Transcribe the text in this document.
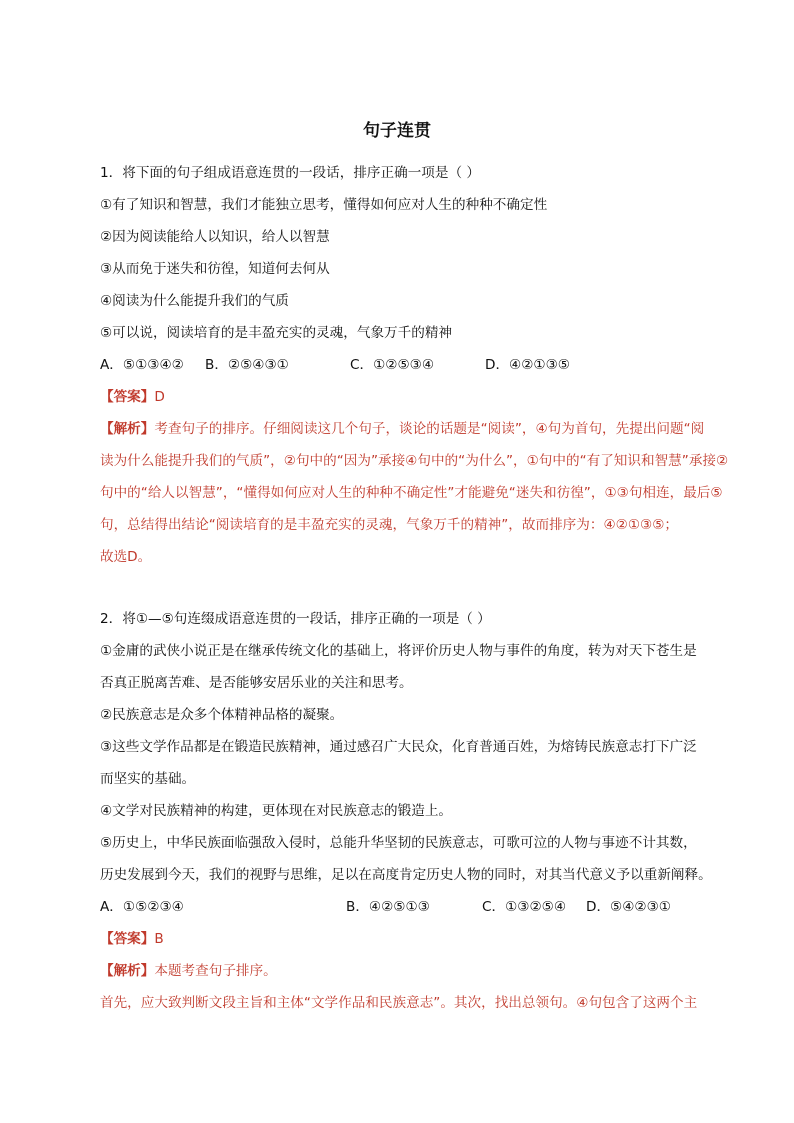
句子连贯
1．将下面的句子组成语意连贯的一段话，排序正确一项是（ ）
①有了知识和智慧，我们才能独立思考，懂得如何应对人生的种种不确定性
②因为阅读能给人以知识，给人以智慧
③从而免于迷失和彷徨，知道何去何从
④阅读为什么能提升我们的气质
⑤可以说，阅读培育的是丰盈充实的灵魂，气象万千的精神
A．⑤①③④② B．②⑤④③①	C．①②⑤③④	D．④②①③⑤
【答案】D
【解析】考查句子的排序。仔细阅读这几个句子，谈论的话题是“阅读”，④句为首句，先提出问题“阅
读为什么能提升我们的气质”，②句中的“因为”承接④句中的“为什么”，①句中的“有了知识和智慧”承接②
句中的“给人以智慧”，“懂得如何应对人生的种种不确定性”才能避免“迷失和彷徨”，①③句相连，最后⑤
句，总结得出结论“阅读培育的是丰盈充实的灵魂，气象万千的精神”，故而排序为：④②①③⑤；
故选D。
2．将①—⑤句连缀成语意连贯的一段话，排序正确的一项是（ ）
①金庸的武侠小说正是在继承传统文化的基础上，将评价历史人物与事件的角度，转为对天下苍生是
否真正脱离苦难、是否能够安居乐业的关注和思考。
②民族意志是众多个体精神品格的凝聚。
③这些文学作品都是在锻造民族精神，通过感召广大民众，化育普通百姓，为熔铸民族意志打下广泛
而坚实的基础。
④文学对民族精神的构建，更体现在对民族意志的锻造上。
⑤历史上，中华民族面临强敌入侵时，总能升华坚韧的民族意志，可歌可泣的人物与事迹不计其数，
历史发展到今天，我们的视野与思维，足以在高度肯定历史人物的同时，对其当代意义予以重新阐释。
A．①⑤②③④	B．④②⑤①③	C．①③②⑤④ D．⑤④②③①
【答案】B
【解析】本题考查句子排序。
首先，应大致判断文段主旨和主体“文学作品和民族意志”。其次，找出总领句。④句包含了这两个主
